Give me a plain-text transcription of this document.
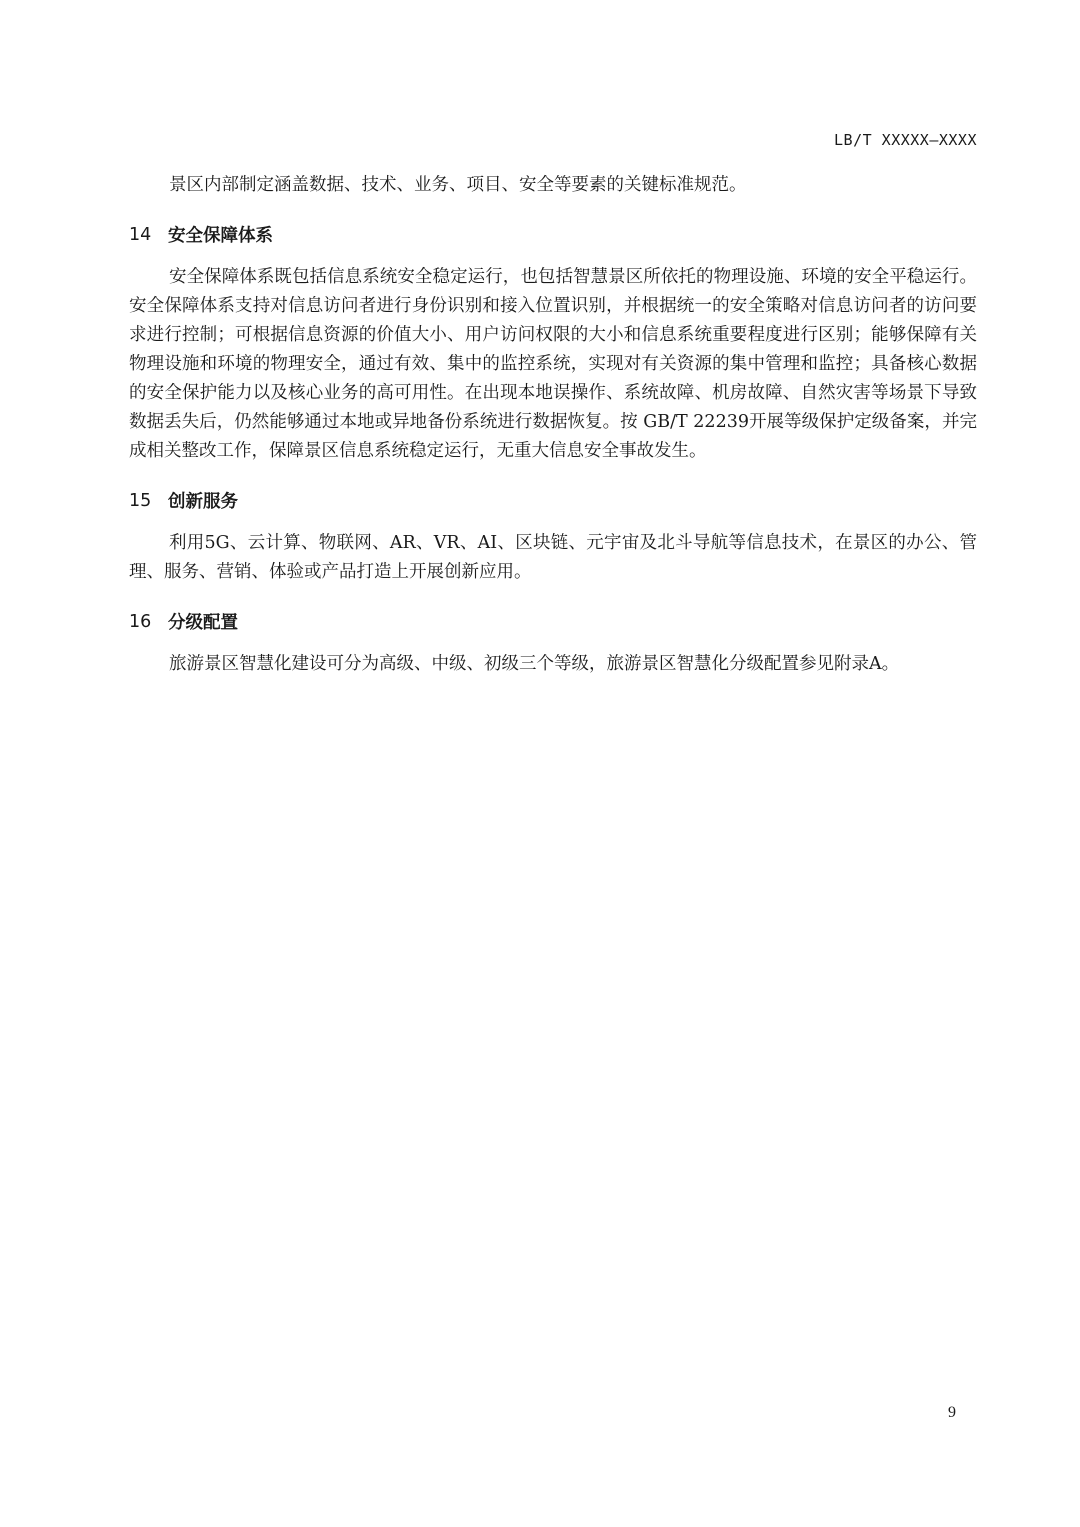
LB/T XXXXX—XXXX

景区内部制定涵盖数据、技术、业务、项目、安全等要素的关键标准规范。

14 安全保障体系

安全保障体系既包括信息系统安全稳定运行，也包括智慧景区所依托的物理设施、环境的安全平稳运行。安全保障体系支持对信息访问者进行身份识别和接入位置识别，并根据统一的安全策略对信息访问者的访问要求进行控制；可根据信息资源的价值大小、用户访问权限的大小和信息系统重要程度进行区别；能够保障有关物理设施和环境的物理安全，通过有效、集中的监控系统，实现对有关资源的集中管理和监控；具备核心数据的安全保护能力以及核心业务的高可用性。在出现本地误操作、系统故障、机房故障、自然灾害等场景下导致数据丢失后，仍然能够通过本地或异地备份系统进行数据恢复。按 GB/T 22239开展等级保护定级备案，并完成相关整改工作，保障景区信息系统稳定运行，无重大信息安全事故发生。

15 创新服务

利用5G、云计算、物联网、AR、VR、AI、区块链、元宇宙及北斗导航等信息技术，在景区的办公、管理、服务、营销、体验或产品打造上开展创新应用。

16 分级配置

旅游景区智慧化建设可分为高级、中级、初级三个等级，旅游景区智慧化分级配置参见附录A。

9
